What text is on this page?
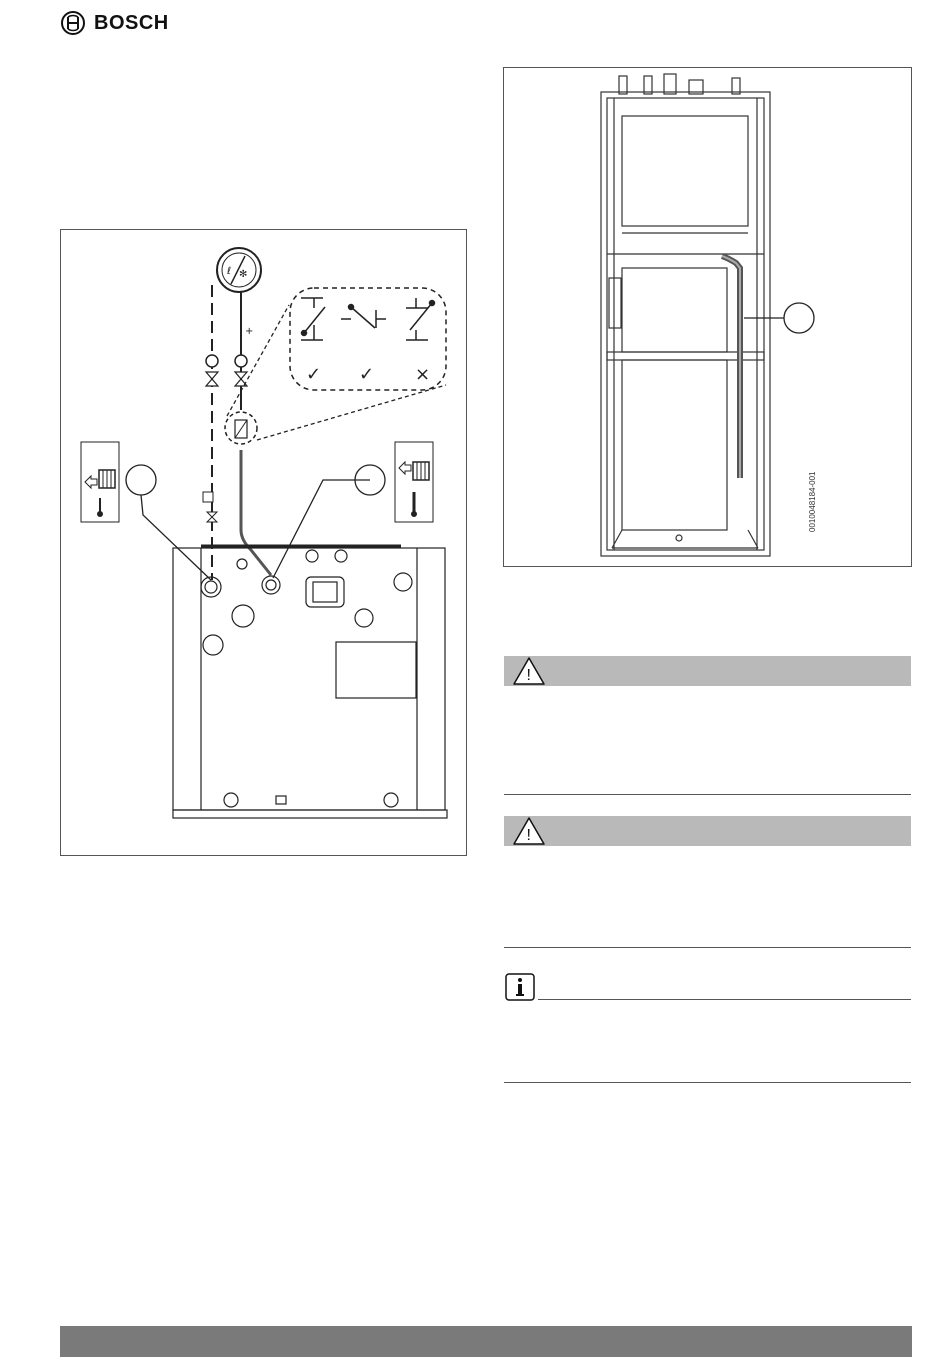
BOSCH
ℓ ✻
+
✓ ✓ ×
0010048184-001
!
!
